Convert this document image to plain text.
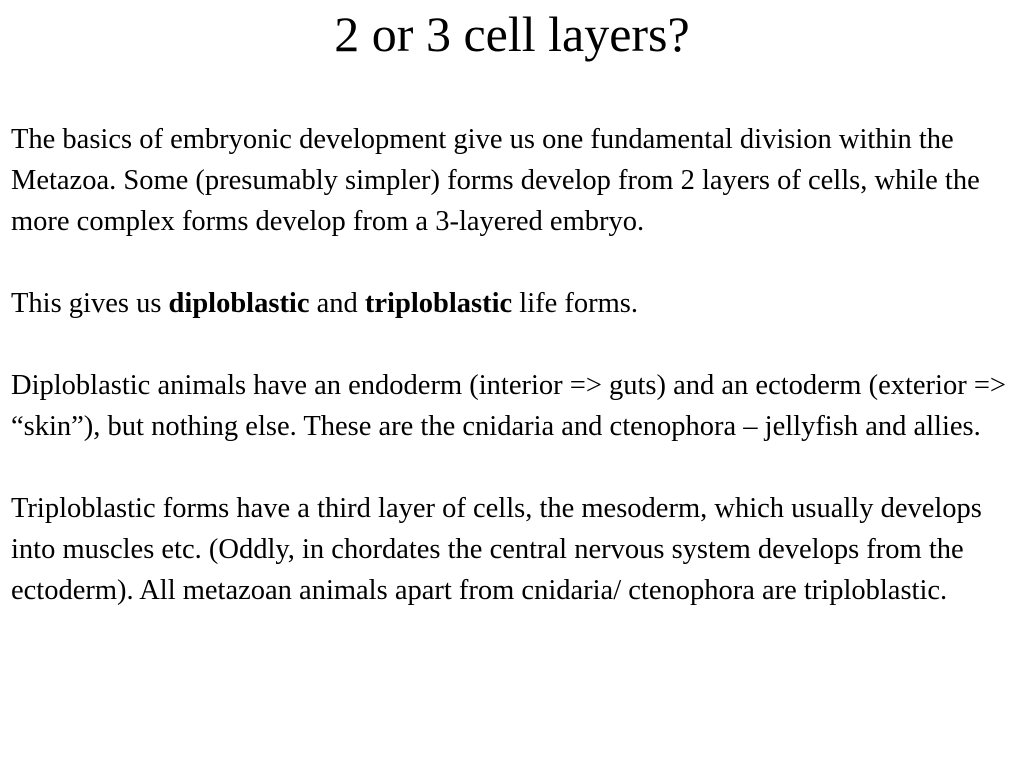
2 or 3 cell layers?

The basics of embryonic development give us one fundamental division within the Metazoa. Some (presumably simpler) forms develop from 2 layers of cells, while the more complex forms develop from a 3-layered embryo.

This gives us diploblastic and triploblastic life forms.

Diploblastic animals have an endoderm (interior => guts) and an ectoderm (exterior => “skin”), but nothing else. These are the cnidaria and ctenophora – jellyfish and allies.

Triploblastic forms have a third layer of cells, the mesoderm, which usually develops into muscles etc. (Oddly, in chordates the central nervous system develops from the ectoderm). All metazoan animals apart from cnidaria/ ctenophora are triploblastic.
